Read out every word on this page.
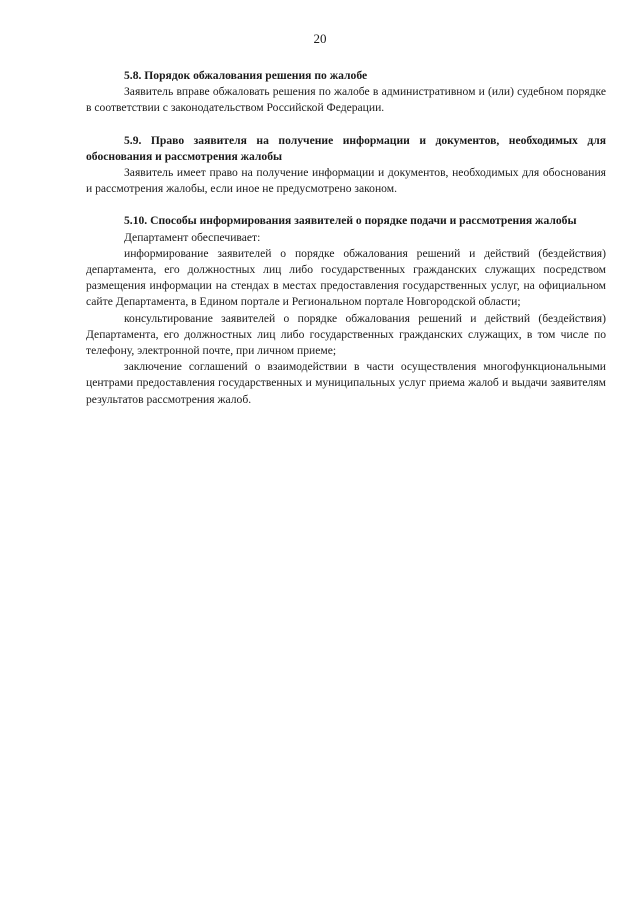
20

5.8. Порядок обжалования решения по жалобе

Заявитель вправе обжаловать решения по жалобе в административном и (или) судебном порядке в соответствии с законодательством Российской Федерации.

5.9. Право заявителя на получение информации и документов, необходимых для обоснования и рассмотрения жалобы

Заявитель имеет право на получение информации и документов, необходимых для обоснования и рассмотрения жалобы, если иное не предусмотрено законом.

5.10. Способы информирования заявителей о порядке подачи и рассмотрения жалобы

Департамент обеспечивает:

информирование заявителей о порядке обжалования решений и действий (бездействия) департамента, его должностных лиц либо государственных гражданских служащих посредством размещения информации на стендах в местах предоставления государственных услуг, на официальном сайте Департамента, в Едином портале и Региональном портале Новгородской области;

консультирование заявителей о порядке обжалования решений и действий (бездействия) Департамента, его должностных лиц либо государственных гражданских служащих, в том числе по телефону, электронной почте, при личном приеме;

заключение соглашений о взаимодействии в части осуществления многофункциональными центрами предоставления государственных и муниципальных услуг приема жалоб и выдачи заявителям результатов рассмотрения жалоб.
